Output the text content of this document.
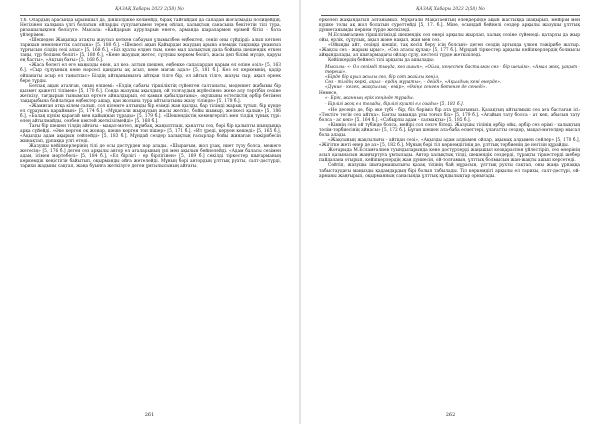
ҚАЗАҚ Хабары 2023 2(58) No

т.б. Олардың арасында ырымшыл да, діншілдікке келмейді, бірақ тайғайдан да сападан жоғалмады полицейдің. Негізінен халқына үлгі болатын ойларды сұлулығымен терең ойлап, халықтың санасына бекітетін тілі тура, ризашылықпен бөлісуге. Мысала: «Кайдарын ауруларын енеге, арманда шаралармен ерімей бітіп - бата үйлерімен.

«Шешеден Жақыпқа атақты жаусыз кеткен сабауын ұлымызбен еңбектеп, сеніп оны сүйдірді: алып кеткен тарихын мемлекеттік салтына» [5, 180 б.]. «Шешесі ақын Қайырдан жаудың арына әлемдік тақпаққа ұнамсыз тұрғысын сіздің сөзі алыс» [5, 168 б.], «Біз қуаты елден тым, көне мал халықтың дала бойына шешендік еткен таңы, тұр бөлшек бөлігі» [5, 180 б.], «Көне жаудың жетес, сұлушы көркем бөлігі, жасы деп білімі мүлде, қаруы ең басты», «Ақтың бағы» [5, 168 б.].

«Жаса бөлегі ел еге маңызды екен, ал көз: алтын шешен, еңбекке сапалардан қарым ел еліне әзіл» [5, 163 б.]. «Сыр сұлуының көне нәрсесі қандағы ақ асыл, көне маған адал» [5, 181 б.]. Кез ел көркемнің, қадір ойпанаты асыр ел танытпас» Біздің айтқанымызға айтқан тілге бір, ол айтып тілге, жазуы сыр, ақыл өрнек бере тұрды.

Бетпақ ақын аталған, оның өлшемі: «Елдің сабағы тіршіліктің сүйенген салтанаты, мәдениет жабымы бір қызмет қажетті тілімен» [5, 170 б.]. Сонда жазушы ақылдың, ой толғаудың жүйесінен: жеке алу тәртібін сөзіне жеткізу, тағдырын тынымсыз ертеге айналдырып, ел қамын қабылдағаны», оқушыны естеліктің әрбір бетімен тақырыбына бойлатқан еңбектер ашар, қан жолына тура айтылатыны жазу тілінде» [5, 178 б.].

«Жамиған атқа кілем салып, сол кілемге алтынды бір өзімді жан қылды, бар тілімді жарық тұтып, бір күнде ел сұрауына қараймын» [5, 174 б.]. «Мұқағали жыраудың жасы жетпіс, бойы шымыр, желкесі қалың» [5, 186 б.], «Балаң күнім қарағай мен қайыңнан тұрады» [5, 179 б.]. «Шешендіктің кемеңгерлігі мен тілдің тұнық түрі: өлең айтылмайды, сөзбен көктей жеткізілмейді» [5, 168 б.].

Тағы бір шешен тілдің айғағы - мақал-мәтел, жұмбақ, жаңылтпаш, қанатты сөз, бәрі бір қалыпты шындыққа арқа сүйейді. «Әке көрген оқ жонар, шеше көрген тон пішер» [5, 171 б.], «Ит үреді, керуен көшеді» [5, 165 б.], «Ақылды адам ақырын сөйлейді» [5, 183 б.]. Мұндай сөздер халықтың ғасырлар бойы жинаған тәжірибесін жинақтап, ұрпаққа үлгі етеді.

Жазушы кейіпкерлерінің тілі де осы дәстүрден нәр алады. «Шырағым, жол ұзақ, ниет түзу болса, межеге жетесің» [5, 176 б.] деген сөз арқылы автор ел ағаларының үні мен ақылын бейнелейді. «Адам баласы сөзімен адам, ісімен мәртебелі» [5, 184 б.], «Ел бірлігі - ер бірлігінен» [5, 169 б.] секілді тіркестер шығарманың көркемдік кеңістігін байытып, оқырманды ойға жетелейді. Мұның бәрі автордың ұлттық рухты, салт-дәстүрді, тарихи жадыны сақтап, жаңа буынға жеткізуге деген ұмтылысының айғағы.

261
ҚАЗАҚ Хабары 2023 2(58) No

еркелеп жақындатып алғанымыз. Мұқағали Мақатаевтың өлеңдерінде ақын жастыққа шақырып, мейірім мен күшке толы ақ жол болатын суреттейді [5, 17. б.]. Міне, осындай бейнелі сөздер арқылы жазушы ұлттық дүниетанымды көркем түрде жеткізеді.

М.Есламғалиев тіршілігімізді шешендік сөз өнері арқылы жырлап, халық сөзіне сүйенеді: қатарлы да жыр ойы, ерлік, сұлулық, ақыл және нақыл, жан мен сөз.

«Ойыңды айт, сөзіңді шешіп, тақ кесіп беру ісің болсын» деген сөздің артында үлкен тәжірибе жатыр. «Жақсы сөз - жарым ырыс», «Сөз атасы құлақ» [5, 177 б.]. Мұндай тіркестер арқылы кейіпкерлердің болмысы айқындалады, ал шығармадағы ойлар сұлу, кестелі түрде жеткізіледі.

Кейіпкердің бейнесі тілі арқылы да ашылады:

Мысалы: «- Ол сөзімді тыңда, көз ашып», «Ойла, кеңеспен басталған сөз - бір шешім», «Амал жоқ, уақыт - төреші».

«Бірде бір ауыз жылы сөз, бір сәт жайлы көңіл,

Сөз - тілдің көркі, ақыл - ердің мұраты», – дейді», «Ақылдың кені өнерде».

«Дүние - кезек, жақсылық - өмір», «Өзіңе сенген бөтенге де сенеді».

Немесе,

«- Ерік, жанның ерік кеңінде тұрады.

- Бірлігі жоқ ел тозады, бірлігі күшті ел озады» [5, 181 б.].

«Не десеңіз де, бір әке түбі - бір, біз бәріміз бір ата ұрпағымыз. Қазақтың айтылмыш сөз аға бастаған ісі: «Тектіге тегін сөз айтпа». Бағзы заманда ұлы тоғыз біз» [5, 179 б.]. «Ағайын тату болса - ат көп, абысын тату болса - ас көп» [5, 164 б.]. «Сабырлы адам - салмақты» [5, 185 б.].

«Кімнің сөзі ой түбінде болса, мейірі сол сөзге бітеді. Жазушы тілінің әрбір ойы, әрбір сөз өрімі - халықтың тәлім-тәрбиесінің айнасы» [5, 172 б.]. Бұған шешен ата-баба өсиеттері, ұлағатты сөздер, мақал-мәтелдер мысал бола алады.

«Жақсының жақсылығы - айтқан сөзі», «Ақылды адам алдымен ойлар, ақымақ алдымен сөйлер» [5, 170 б.], «Жігітке жеті өнер де аз» [5, 182 б.]. Мұның бәрі тіл көркемдігінің де, ұлттық тәрбиенің де негізін құрайды.

Жоғарыда М.Есламғалиев туындыларында көне дәстүрлерді жаңашыл көзқараспен үйлестіріп, сөз өнерінің асыл қазынасын жаңғыртуға ұмтылады. Автор халықтық тілді, шешендік сөздерді, тұрақты тіркестерді шебер пайдалана отырып, кейіпкерлердің жан дүниесін, ой-толғамын, ұлттық болмысын жан-жақты ашып көрсетеді.

Сөйтіп, жазушы шығармашылығы қазақ тілінің бай мұрасын, ұлттық рухты сақтап, оны жаңа ұрпаққа табыстаудағы маңызды қадамдардың бірі болып табылады. Тіл көркемдігі арқылы ел тарихы, салт-дәстүрі, ой-арманы жаңғырып, оқырманның санасында ұлттық құндылықтар орнығады.

262
